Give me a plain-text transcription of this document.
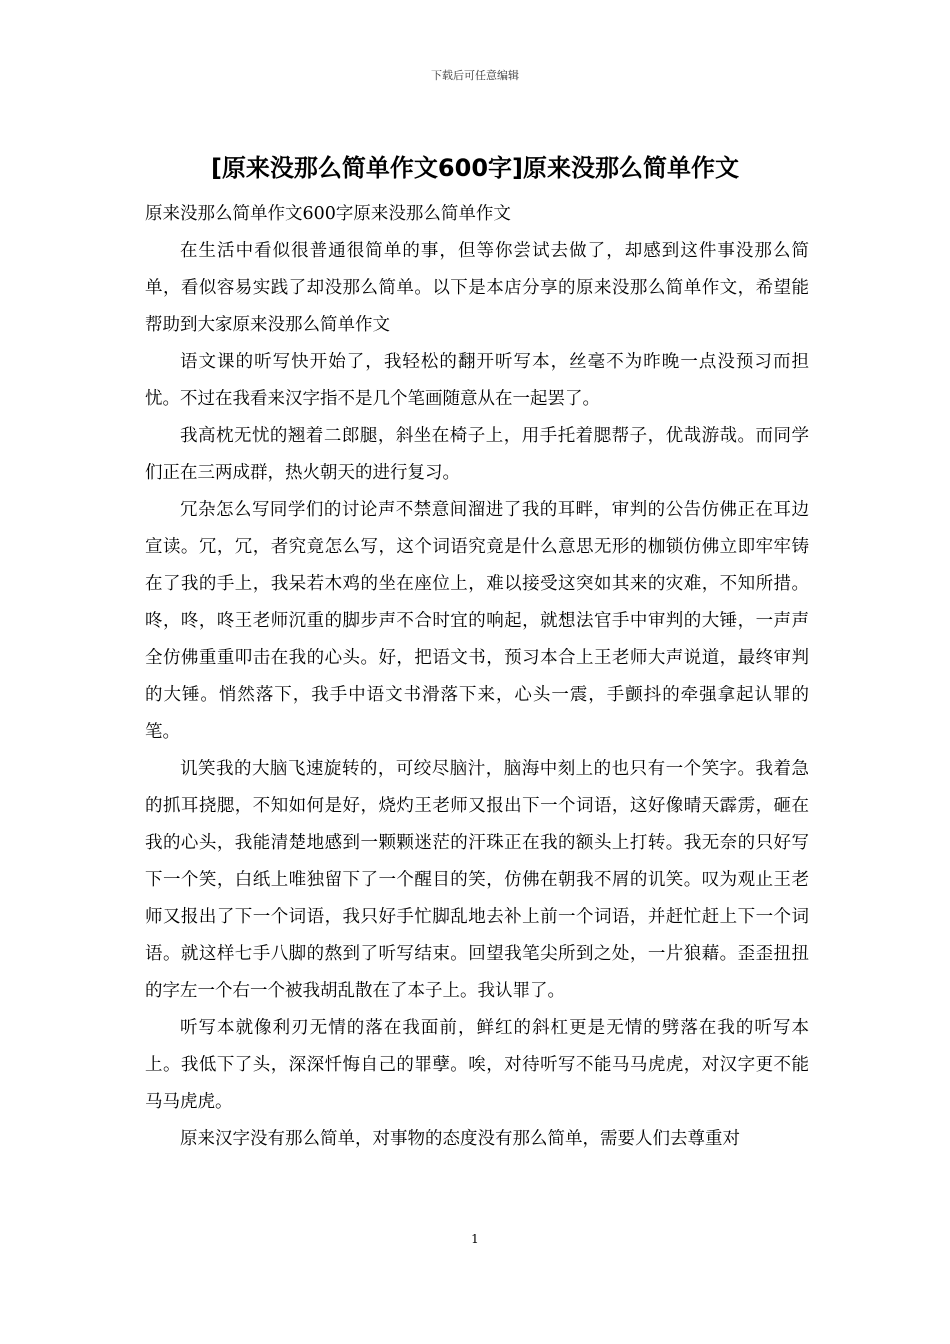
下载后可任意编辑
[原来没那么简单作文600字]原来没那么简单作文

原来没那么简单作文600字原来没那么简单作文

在生活中看似很普通很简单的事，但等你尝试去做了，却感到这件事没那么简单，看似容易实践了却没那么简单。以下是本店分享的原来没那么简单作文，希望能帮助到大家原来没那么简单作文

语文课的听写快开始了，我轻松的翻开听写本，丝毫不为昨晚一点没预习而担忧。不过在我看来汉字指不是几个笔画随意从在一起罢了。

我高枕无忧的翘着二郎腿，斜坐在椅子上，用手托着腮帮子，优哉游哉。而同学们正在三两成群，热火朝天的进行复习。

冗杂怎么写同学们的讨论声不禁意间溜进了我的耳畔，审判的公告仿佛正在耳边宣读。冗，冗，者究竟怎么写，这个词语究竟是什么意思无形的枷锁仿佛立即牢牢铸在了我的手上，我呆若木鸡的坐在座位上，难以接受这突如其来的灾难，不知所措。咚，咚，咚王老师沉重的脚步声不合时宜的响起，就想法官手中审判的大锤，一声声全仿佛重重叩击在我的心头。好，把语文书，预习本合上王老师大声说道，最终审判的大锤。悄然落下，我手中语文书滑落下来，心头一震，手颤抖的牵强拿起认罪的笔。

讥笑我的大脑飞速旋转的，可绞尽脑汁，脑海中刻上的也只有一个笑字。我着急的抓耳挠腮，不知如何是好，烧灼王老师又报出下一个词语，这好像晴天霹雳，砸在我的心头，我能清楚地感到一颗颗迷茫的汗珠正在我的额头上打转。我无奈的只好写下一个笑，白纸上唯独留下了一个醒目的笑，仿佛在朝我不屑的讥笑。叹为观止王老师又报出了下一个词语，我只好手忙脚乱地去补上前一个词语，并赶忙赶上下一个词语。就这样七手八脚的熬到了听写结束。回望我笔尖所到之处，一片狼藉。歪歪扭扭的字左一个右一个被我胡乱散在了本子上。我认罪了。

听写本就像利刃无情的落在我面前，鲜红的斜杠更是无情的劈落在我的听写本上。我低下了头，深深忏悔自己的罪孽。唉，对待听写不能马马虎虎，对汉字更不能马马虎虎。

原来汉字没有那么简单，对事物的态度没有那么简单，需要人们去尊重对

1
